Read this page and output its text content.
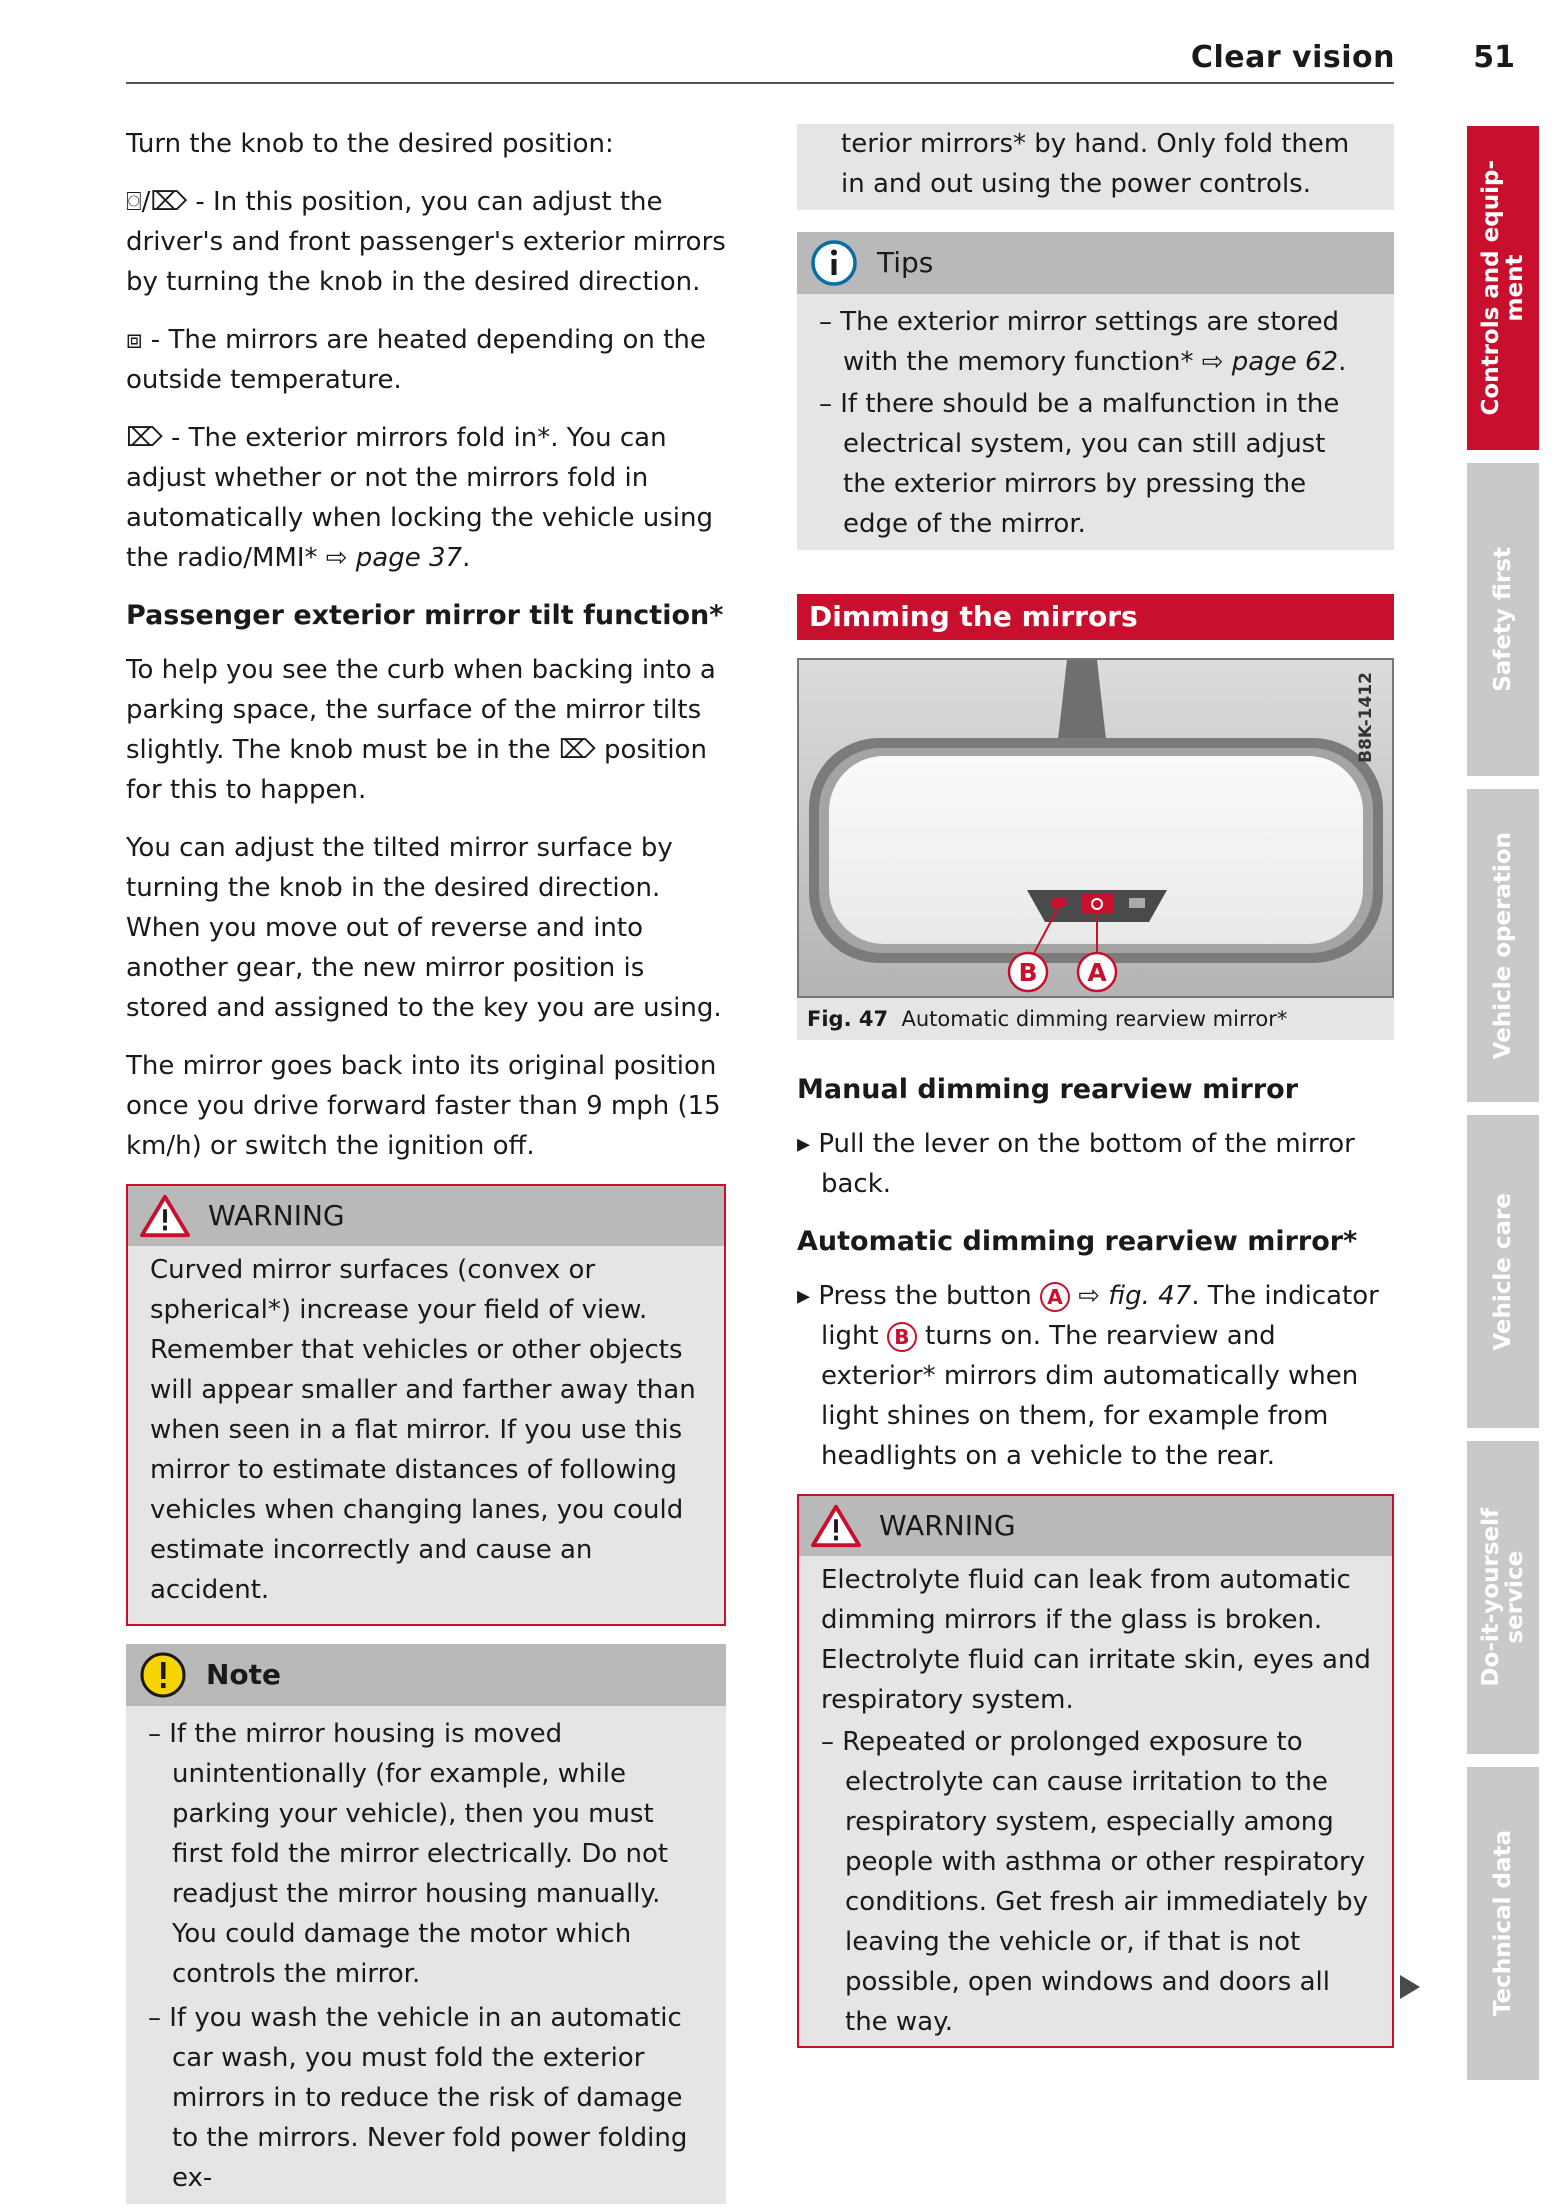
Clear vision	51

Turn the knob to the desired position:

⌼/⌦ - In this position, you can adjust the driver's and front passenger's exterior mirrors by turning the knob in the desired direction.

⧈ - The mirrors are heated depending on the outside temperature.

⌦ - The exterior mirrors fold in*. You can adjust whether or not the mirrors fold in automatically when locking the vehicle using the radio/MMI* ⇨ page 37.

Passenger exterior mirror tilt function*

To help you see the curb when backing into a parking space, the surface of the mirror tilts slightly. The knob must be in the ⌦ position for this to happen.

You can adjust the tilted mirror surface by turning the knob in the desired direction. When you move out of reverse and into another gear, the new mirror position is stored and assigned to the key you are using.

The mirror goes back into its original position once you drive forward faster than 9 mph (15 km/h) or switch the ignition off.

WARNING
Curved mirror surfaces (convex or spherical*) increase your field of view. Remember that vehicles or other objects will appear smaller and farther away than when seen in a flat mirror. If you use this mirror to estimate distances of following vehicles when changing lanes, you could estimate incorrectly and cause an accident.
Note
– If the mirror housing is moved unintentionally (for example, while parking your vehicle), then you must first fold the mirror electrically. Do not readjust the mirror housing manually. You could damage the motor which controls the mirror.
– If you wash the vehicle in an automatic car wash, you must fold the exterior mirrors in to reduce the risk of damage to the mirrors. Never fold power folding ex-
terior mirrors* by hand. Only fold them in and out using the power controls.
Tips
– The exterior mirror settings are stored with the memory function* ⇨ page 62.
– If there should be a malfunction in the electrical system, you can still adjust the exterior mirrors by pressing the edge of the mirror.
Dimming the mirrors
B A
B8K-1412
Fig. 47 Automatic dimming rearview mirror*
Manual dimming rearview mirror
▸ Pull the lever on the bottom of the mirror back.
Automatic dimming rearview mirror*
▸ Press the button A ⇨ fig. 47. The indicator light B turns on. The rearview and exterior* mirrors dim automatically when light shines on them, for example from headlights on a vehicle to the rear.
WARNING
Electrolyte fluid can leak from automatic dimming mirrors if the glass is broken. Electrolyte fluid can irritate skin, eyes and respiratory system.
– Repeated or prolonged exposure to electrolyte can cause irritation to the respiratory system, especially among people with asthma or other respiratory conditions. Get fresh air immediately by leaving the vehicle or, if that is not possible, open windows and doors all the way.
Controls and equip-
ment
Safety first
Vehicle operation
Vehicle care
Do-it-yourself
service
Technical data
